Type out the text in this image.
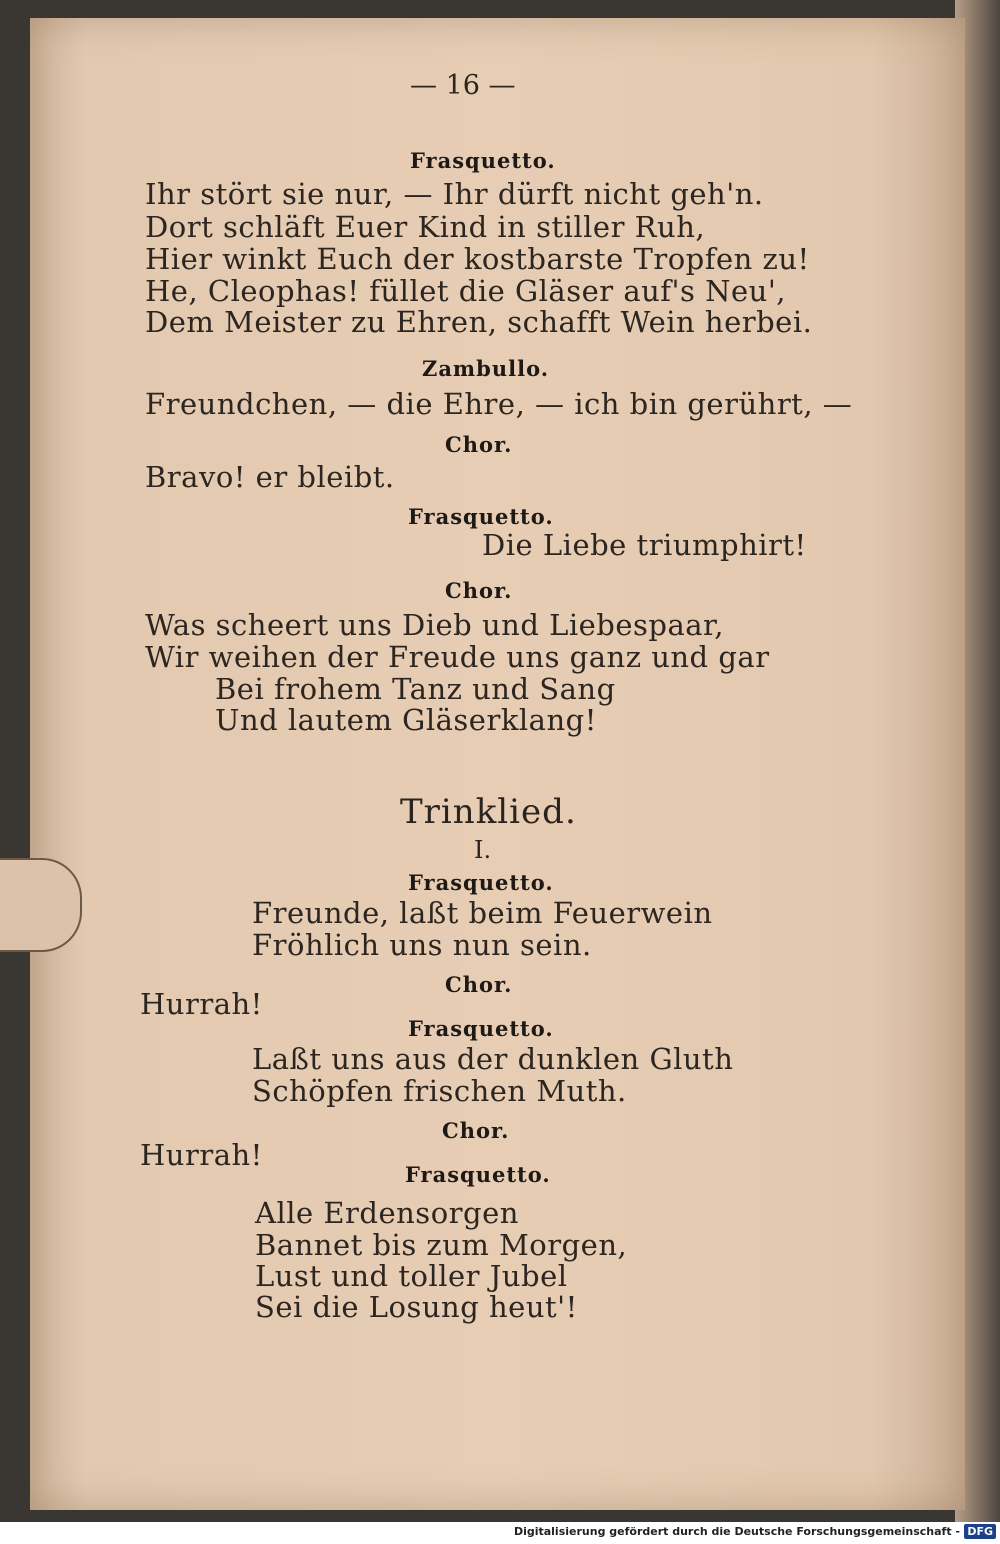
— 16 —
Frasquetto.
Ihr stört sie nur, — Ihr dürft nicht geh'n.
Dort schläft Euer Kind in stiller Ruh,
Hier winkt Euch der kostbarste Tropfen zu!
He, Cleophas! füllet die Gläser auf's Neu',
Dem Meister zu Ehren, schafft Wein herbei.
Zambullo.
Freundchen, — die Ehre, — ich bin gerührt, —
Chor.
Bravo! er bleibt.
Frasquetto.
Die Liebe triumphirt!
Chor.
Was scheert uns Dieb und Liebespaar,
Wir weihen der Freude uns ganz und gar
Bei frohem Tanz und Sang
Und lautem Gläserklang!
Trinklied.
I.
Frasquetto.
Freunde, laßt beim Feuerwein
Fröhlich uns nun sein.
Chor.
Hurrah!
Frasquetto.
Laßt uns aus der dunklen Gluth
Schöpfen frischen Muth.
Chor.
Hurrah!
Frasquetto.
Alle Erdensorgen
Bannet bis zum Morgen,
Lust und toller Jubel
Sei die Losung heut'!
Digitalisierung gefördert durch die Deutsche Forschungsgemeinschaft - DFG
